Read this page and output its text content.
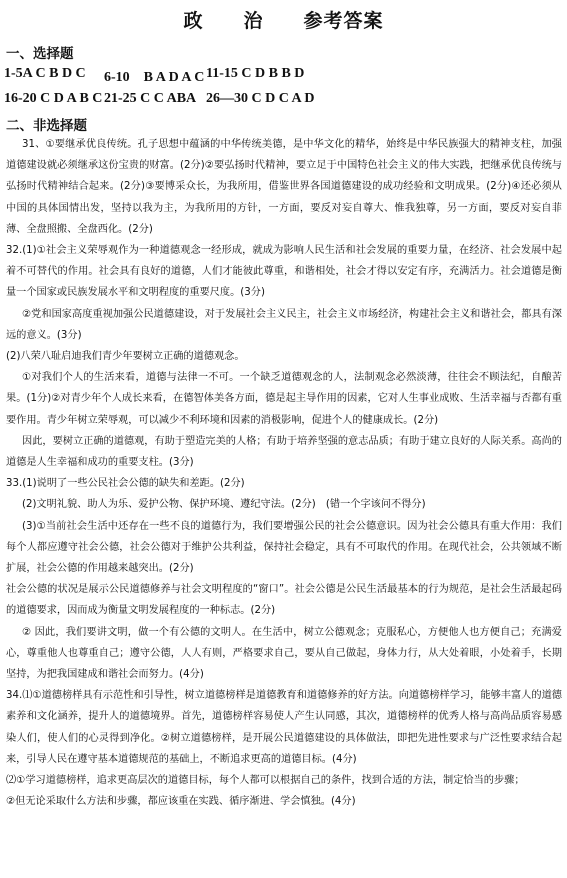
政　　治　　参考答案
一、选择题
1-5A C B D C 6-10　B A D A C 11-15 C D B B D
16-20 C D A B C 21-25 C C ABA 26—30 C D C A D
二、非选择题

31、①要继承优良传统。孔子思想中蕴涵的中华传统美德，是中华文化的精华，始终是中华民族强大的精神支柱，加强道德建设就必须继承这份宝贵的财富。(2分)②要弘扬时代精神，要立足于中国特色社会主义的伟大实践，把继承优良传统与弘扬时代精神结合起来。(2分)③要博采众长，为我所用，借鉴世界各国道德建设的成功经验和文明成果。(2分)④还必须从中国的具体国情出发，坚持以我为主，为我所用的方针，一方面，要反对妄自尊大、惟我独尊，另一方面，要反对妄自菲薄、全盘照搬、全盘西化。(2分)

32.(1)①社会主义荣辱观作为一种道德观念一经形成，就成为影响人民生活和社会发展的重要力量，在经济、社会发展中起着不可替代的作用。社会具有良好的道德，人们才能彼此尊重，和谐相处，社会才得以安定有序，充满活力。社会道德是衡量一个国家或民族发展水平和文明程度的重要尺度。(3分)

②党和国家高度重视加强公民道德建设，对于发展社会主义民主，社会主义市场经济，构建社会主义和谐社会，都具有深远的意义。(3分)

(2)八荣八耻启迪我们青少年要树立正确的道德观念。

①对我们个人的生活来看，道德与法律一不可。一个缺乏道德观念的人，法制观念必然淡薄，往往会不顾法纪，自酿苦果。(1分)②对青少年个人成长来看，在德智体美各方面，德是起主导作用的因素，它对人生事业成败、生活幸福与否都有重要作用。青少年树立荣辱观，可以减少不利环境和因素的消极影响，促进个人的健康成长。(2分)

因此，要树立正确的道德观，有助于塑造完美的人格；有助于培养坚强的意志品质；有助于建立良好的人际关系。高尚的道德是人生幸福和成功的重要支柱。(3分)

33.(1)说明了一些公民社会公德的缺失和差距。(2分)

(2)文明礼貌、助人为乐、爱护公物、保护环境、遵纪守法。(2分)　(错一个字该问不得分)

(3)①当前社会生活中还存在一些不良的道德行为，我们要增强公民的社会公德意识。因为社会公德具有重大作用：我们每个人都应遵守社会公德，社会公德对于维护公共利益，保持社会稳定，具有不可取代的作用。在现代社会，公共领域不断扩展，社会公德的作用越来越突出。(2分)

社会公德的状况是展示公民道德修养与社会文明程度的“窗口”。社会公德是公民生活最基本的行为规范，是社会生活最起码的道德要求，因而成为衡量文明发展程度的一种标志。(2分)

② 因此，我们要讲文明，做一个有公德的文明人。在生活中，树立公德观念；克服私心，方便他人也方便自己；充满爱心，尊重他人也尊重自己；遵守公德，人人有则，严格要求自己，要从自己做起，身体力行，从大处着眼，小处着手，长期坚持，为把我国建成和谐社会而努力。(4分)

34.⑴①道德榜样具有示范性和引导性，树立道德榜样是道德教育和道德修养的好方法。向道德榜样学习，能够丰富人的道德素养和文化涵养，提升人的道德境界。首先，道德榜样容易使人产生认同感，其次，道德榜样的优秀人格与高尚品质容易感染人们，使人们的心灵得到净化。②树立道德榜样，是开展公民道德建设的具体做法，即把先进性要求与广泛性要求结合起来，引导人民在遵守基本道德规范的基础上，不断追求更高的道德目标。(4分)

⑵①学习道德榜样，追求更高层次的道德目标，每个人都可以根据自己的条件，找到合适的方法，制定恰当的步骤；

②但无论采取什么方法和步骤，都应该重在实践、循序渐进、学会慎独。(4分)
